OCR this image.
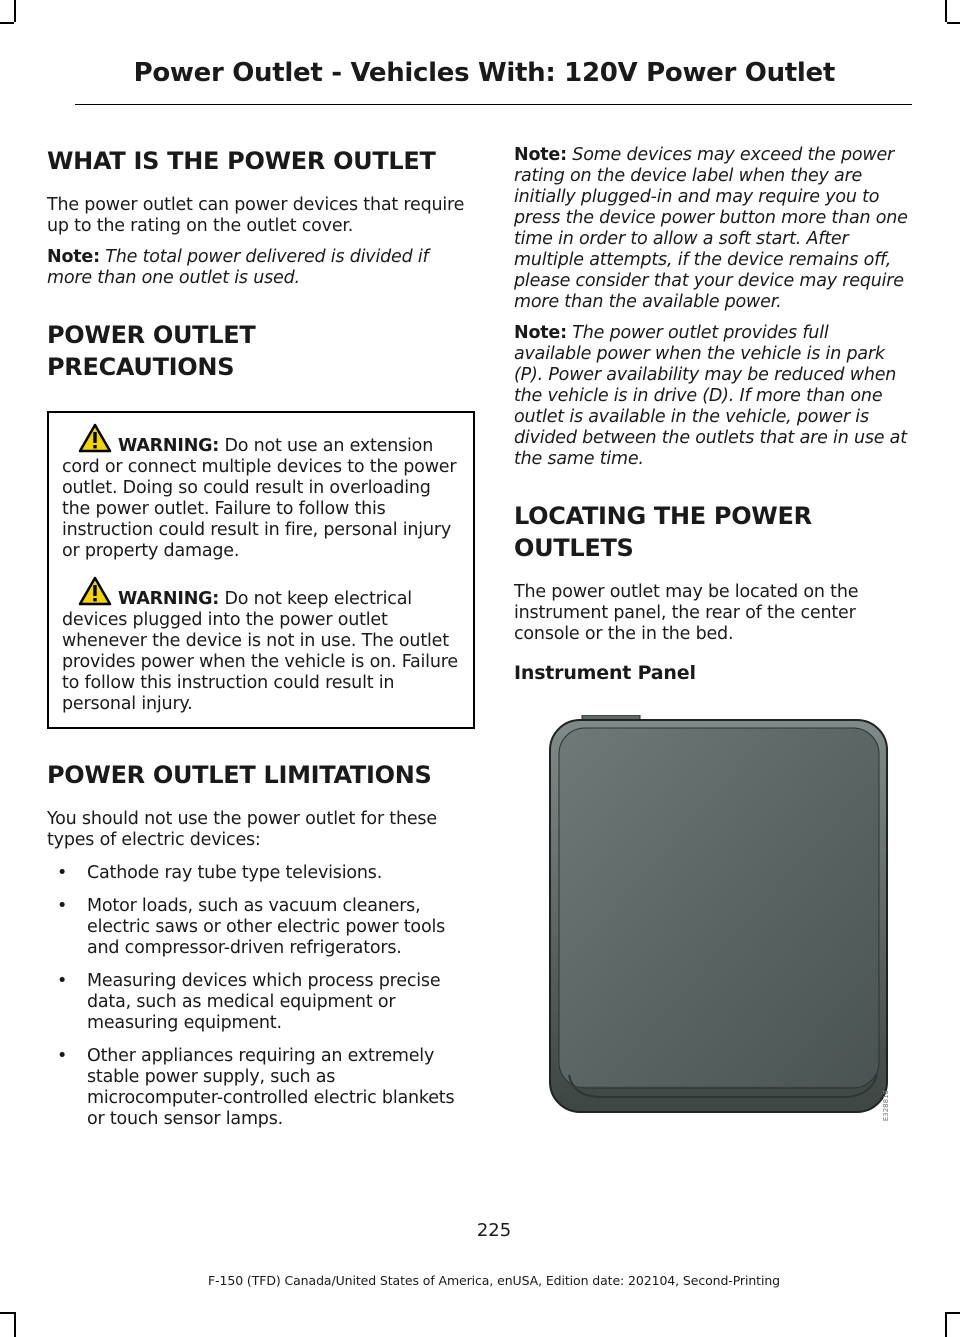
Power Outlet - Vehicles With: 120V Power Outlet
WHAT IS THE POWER OUTLET

The power outlet can power devices that require up to the rating on the outlet cover.

Note: The total power delivered is divided if more than one outlet is used.

POWER OUTLET
PRECAUTIONS

WARNING: Do not use an extension cord or connect multiple devices to the power outlet. Doing so could result in overloading the power outlet. Failure to follow this instruction could result in fire, personal injury or property damage.

WARNING: Do not keep electrical devices plugged into the power outlet whenever the device is not in use. The outlet provides power when the vehicle is on. Failure to follow this instruction could result in personal injury.

POWER OUTLET LIMITATIONS

You should not use the power outlet for these types of electric devices:

• Cathode ray tube type televisions.
• Motor loads, such as vacuum cleaners, electric saws or other electric power tools and compressor-driven refrigerators.
• Measuring devices which process precise data, such as medical equipment or measuring equipment.
• Other appliances requiring an extremely stable power supply, such as microcomputer-controlled electric blankets or touch sensor lamps.

Note: Some devices may exceed the power rating on the device label when they are initially plugged-in and may require you to press the device power button more than one time in order to allow a soft start. After multiple attempts, if the device remains off, please consider that your device may require more than the available power.

Note: The power outlet provides full available power when the vehicle is in park (P). Power availability may be reduced when the vehicle is in drive (D). If more than one outlet is available in the vehicle, power is divided between the outlets that are in use at the same time.

LOCATING THE POWER
OUTLETS

The power outlet may be located on the instrument panel, the rear of the center console or the in the bed.

Instrument Panel

E328818
225
F-150 (TFD) Canada/United States of America, enUSA, Edition date: 202104, Second-Printing
